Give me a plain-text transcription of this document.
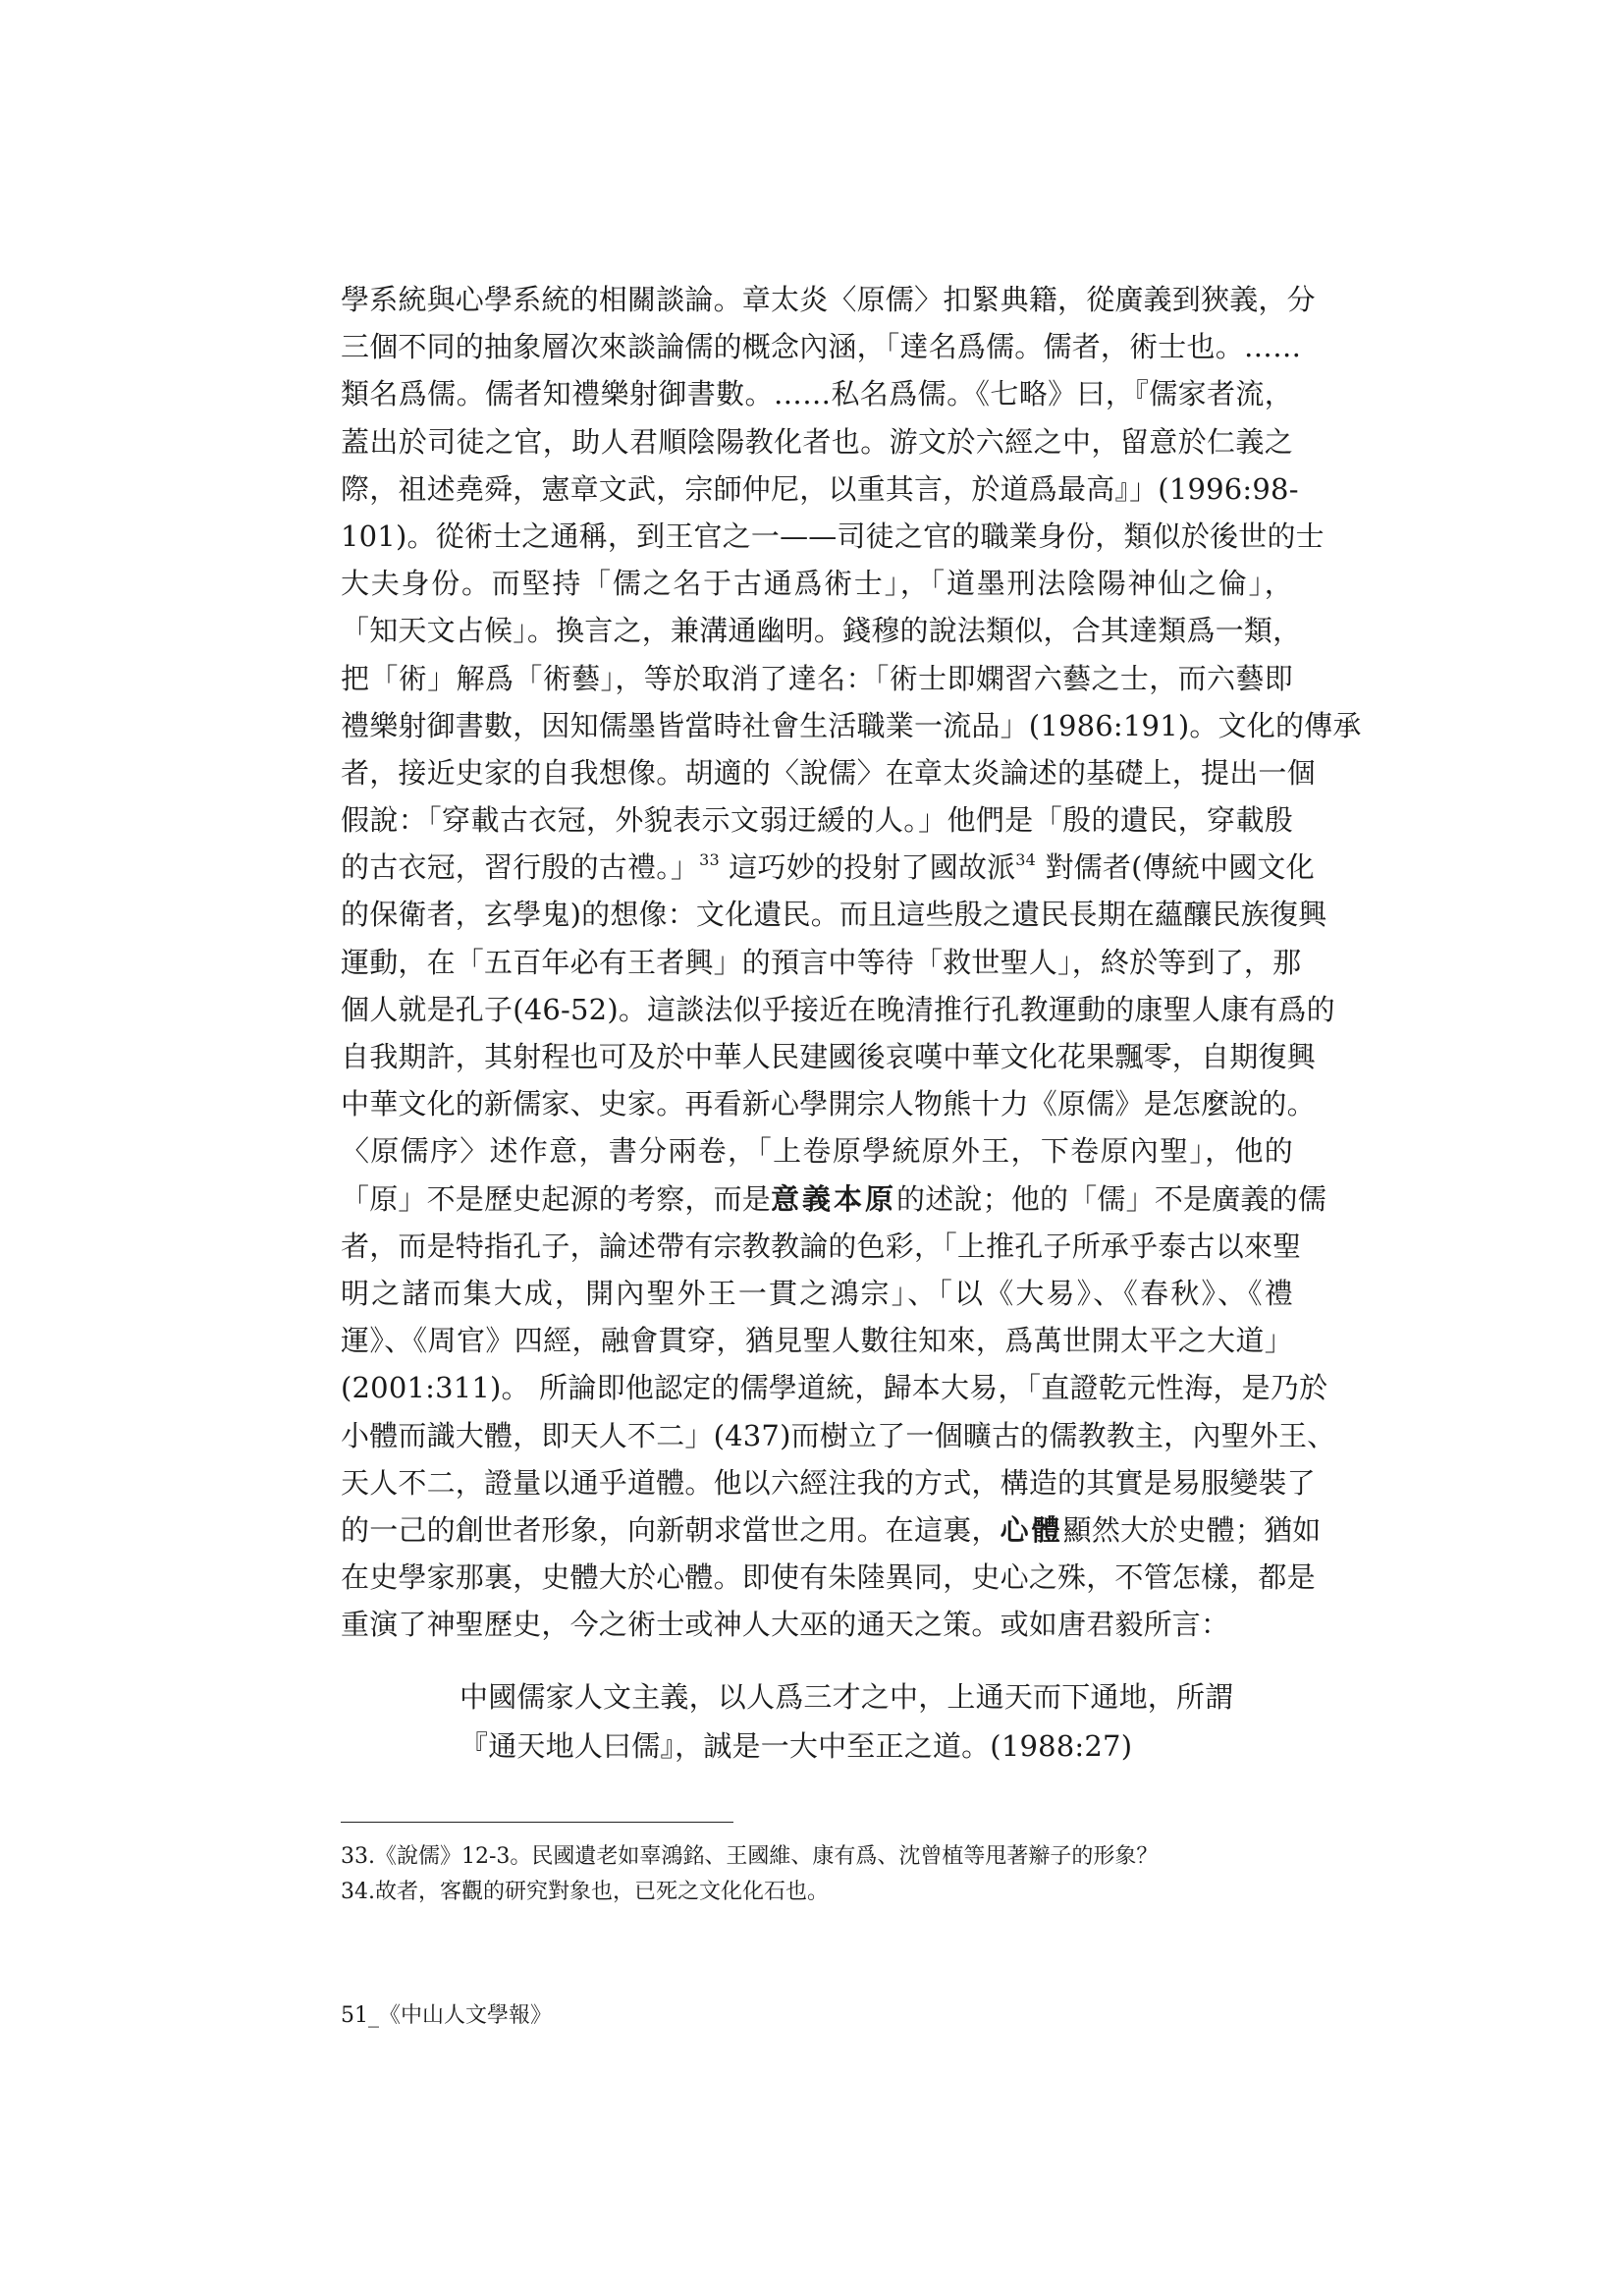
學系統與心學系統的相關談論。章太炎〈原儒〉扣緊典籍，從廣義到狹義，分
三個不同的抽象層次來談論儒的概念內涵，「達名爲儒。儒者，術士也。……
類名爲儒。儒者知禮樂射御書數。……私名爲儒。《七略》曰，『儒家者流，
蓋出於司徒之官，助人君順陰陽教化者也。游文於六經之中，留意於仁義之
際，祖述堯舜，憲章文武，宗師仲尼，以重其言，於道爲最高』」(1996:98-
101)。從術士之通稱，到王官之一——司徒之官的職業身份，類似於後世的士
大夫身份。而堅持「儒之名于古通爲術士」，「道墨刑法陰陽神仙之倫」，
「知天文占候」。換言之，兼溝通幽明。錢穆的說法類似，合其達類爲一類，
把「術」解爲「術藝」，等於取消了達名：「術士即嫻習六藝之士，而六藝即
禮樂射御書數，因知儒墨皆當時社會生活職業一流品」(1986:191)。文化的傳承
者，接近史家的自我想像。胡適的〈說儒〉在章太炎論述的基礎上，提出一個
假說：「穿載古衣冠，外貌表示文弱迂緩的人。」他們是「殷的遺民，穿載殷
的古衣冠，習行殷的古禮。」$^{33}$ 這巧妙的投射了國故派$^{34}$ 對儒者(傳統中國文化
的保衛者，玄學鬼)的想像：文化遺民。而且這些殷之遺民長期在蘊釀民族復興
運動，在「五百年必有王者興」的預言中等待「救世聖人」，終於等到了，那
個人就是孔子(46-52)。這談法似乎接近在晚清推行孔教運動的康聖人康有爲的
自我期許，其射程也可及於中華人民建國後哀嘆中華文化花果飄零，自期復興
中華文化的新儒家、史家。再看新心學開宗人物熊十力《原儒》是怎麼說的。
〈原儒序〉述作意，書分兩卷，「上卷原學統原外王，下卷原內聖」，他的
「原」不是歷史起源的考察，而是意義本原的述說；他的「儒」不是廣義的儒
者，而是特指孔子，論述帶有宗教教論的色彩，「上推孔子所承乎泰古以來聖
明之諸而集大成，開內聖外王一貫之鴻宗」、「以《大易》、《春秋》、《禮
運》、《周官》四經，融會貫穿，猶見聖人數往知來，爲萬世開太平之大道」
(2001:311)。 所論即他認定的儒學道統，歸本大易，「直證乾元性海，是乃於
小體而識大體，即天人不二」(437)而樹立了一個曠古的儒教教主，內聖外王、
天人不二，證量以通乎道體。他以六經注我的方式，構造的其實是易服變裝了
的一己的創世者形象，向新朝求當世之用。在這裏，心體顯然大於史體；猶如
在史學家那裏，史體大於心體。即使有朱陸異同，史心之殊，不管怎樣，都是
重演了神聖歷史，今之術士或神人大巫的通天之策。或如唐君毅所言：
中國儒家人文主義，以人爲三才之中，上通天而下通地，所謂
『通天地人曰儒』，誠是一大中至正之道。(1988:27)
33.《說儒》12-3。民國遺老如辜鴻銘、王國維、康有爲、沈曾植等甩著辮子的形象？
34.故者，客觀的研究對象也，已死之文化化石也。
51_《中山人文學報》
